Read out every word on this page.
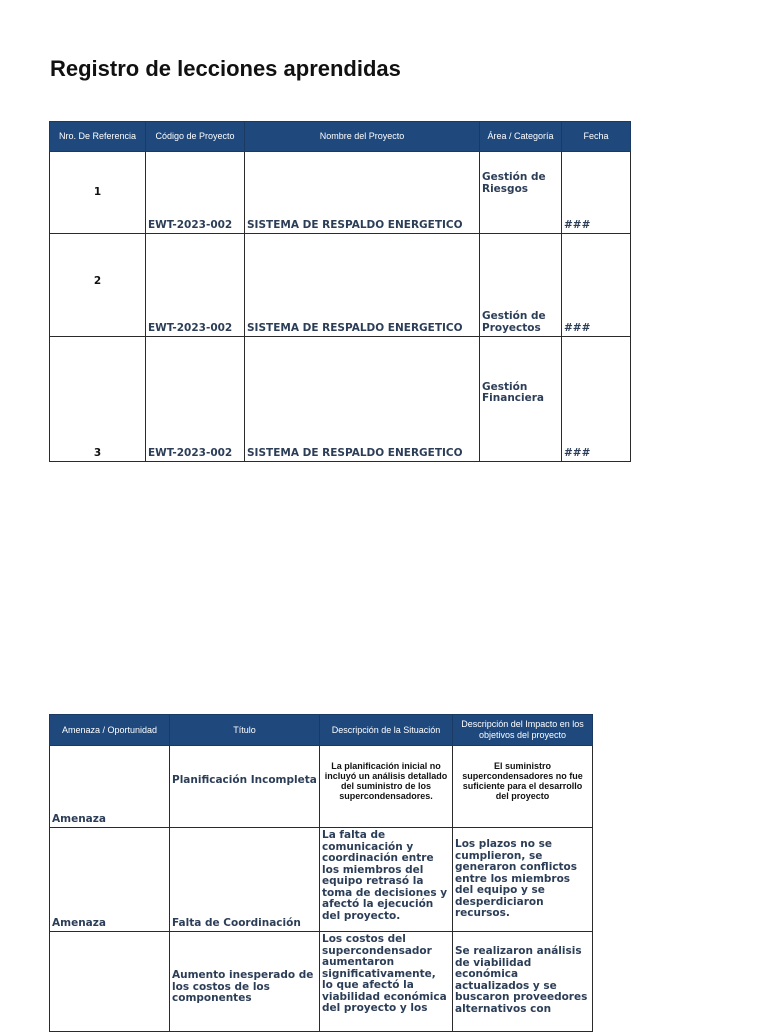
Registro de lecciones aprendidas
Nro. De Referencia	Código de Proyecto	Nombre del Proyecto	Área / Categoría	Fecha
1	EWT-2023-002	SISTEMA DE RESPALDO ENERGETICO	Gestión de Riesgos	###
2	EWT-2023-002	SISTEMA DE RESPALDO ENERGETICO	Gestión de Proyectos	###
3	EWT-2023-002	SISTEMA DE RESPALDO ENERGETICO	Gestión Financiera	###
Amenaza / Oportunidad	Título	Descripción de la Situación	Descripción del Impacto en los objetivos del proyecto
Amenaza	Planificación Incompleta	La planificación inicial no incluyó un análisis detallado del suministro de los supercondensadores.	El suministro supercondensadores no fue suficiente para el desarrollo del proyecto
Amenaza	Falta de Coordinación	La falta de comunicación y coordinación entre los miembros del equipo retrasó la toma de decisiones y afectó la ejecución del proyecto.	Los plazos no se cumplieron, se generaron conflictos entre los miembros del equipo y se desperdiciaron recursos.
	Aumento inesperado de los costos de los componentes	Los costos del supercondensador aumentaron significativamente, lo que afectó la viabilidad económica del proyecto y los	Se realizaron análisis de viabilidad económica actualizados y se buscaron proveedores alternativos con
